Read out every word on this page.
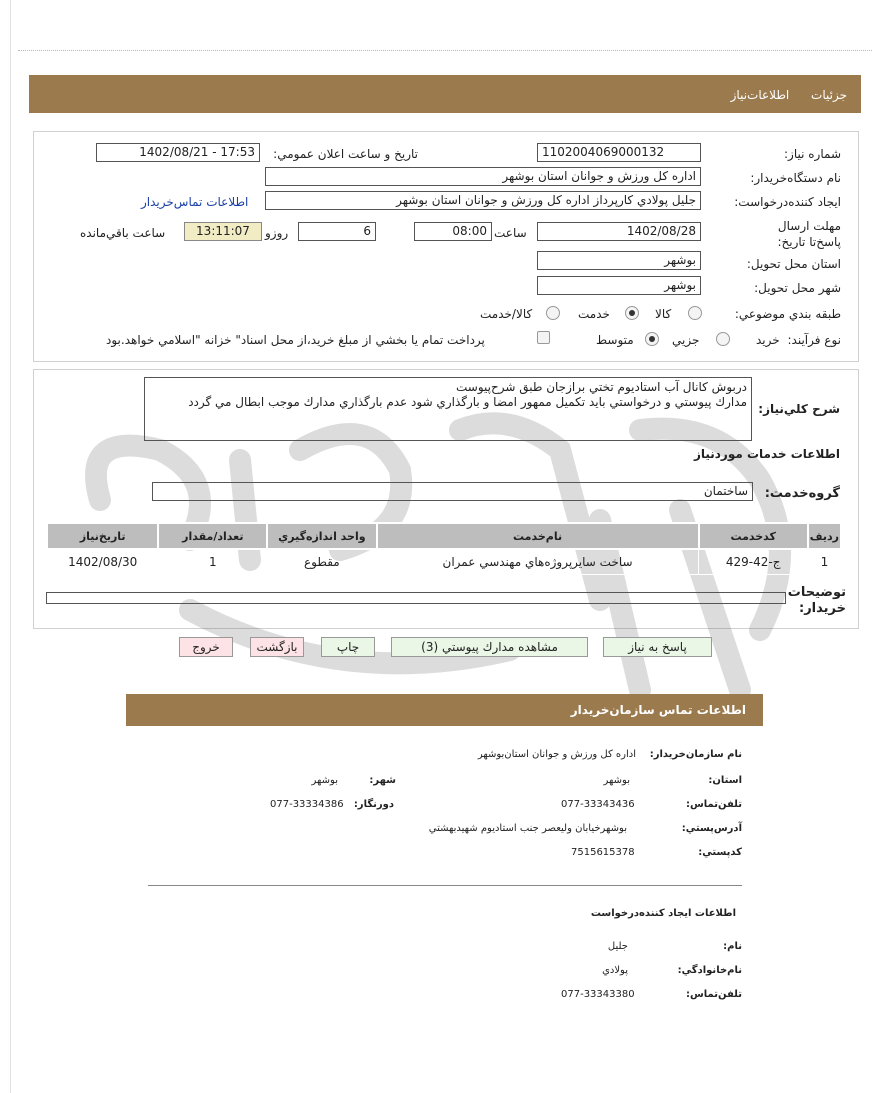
جزئيات اطلاعات‌نياز
شماره نياز:
1102004069000132
تاريخ و ساعت اعلان عمومي:
1402/08/21 - 17:53
نام دستگاه‌خريدار:
اداره كل ورزش و جوانان استان بوشهر
ايجاد كننده‌درخواست:
جليل پولادي كارپرداز اداره كل ورزش و جوانان استان بوشهر
اطلاعات تماس‌خريدار
مهلت ارسال پاسخ‌تا تاريخ:
1402/08/28
ساعت
08:00
6
روزو
13:11:07
ساعت باقي‌مانده
استان محل تحويل:
بوشهر
شهر محل تحويل:
بوشهر
طبقه بندي موضوعي:
كالا
خدمت
كالا/خدمت
نوع فرآيند:
خريد
جزيي
متوسط
پرداخت تمام يا بخشي از مبلغ خريد،از محل اسناد" خزانه "اسلامي خواهد.بود
دربوش كانال آب استاديوم تختي برازجان طبق شرح‌پيوست
مدارك پيوستي و درخواستي بايد تكميل ممهور امضا و بارگذاري شود عدم بارگذاري مدارك موجب ابطال مي گردد	شرح كلي‌نياز:
اطلاعات خدمات موردنياز
گروه‌خدمت:
ساختمان
رديف	كدخدمت	نام‌خدمت	واحد اندازه‌گيري	تعداد/مقدار	تاريخ‌نياز
1	ج-42-429	ساخت سايرپروژه‌هاي مهندسي عمران	مقطوع	1	1402/08/30
توضيحات خريدار:
پاسخ به نياز
مشاهده مدارك پيوستي (3)
چاپ
بازگشت
خروج
اطلاعات تماس سازمان‌خريدار
نام سازمان‌خريدار:
اداره كل ورزش و جوانان استان‌بوشهر
استان:
بوشهر
شهر:
بوشهر
تلفن‌تماس:
077-33343436
دورنگار:
077-33334386
آدرس‌پستي:
بوشهرخيابان وليعصر جنب استاديوم شهيدبهشتي
كدپستي:
7515615378
اطلاعات ايجاد كننده‌درخواست
نام:
جليل
نام‌خانوادگي:
پولادي
تلفن‌تماس:
077-33343380
